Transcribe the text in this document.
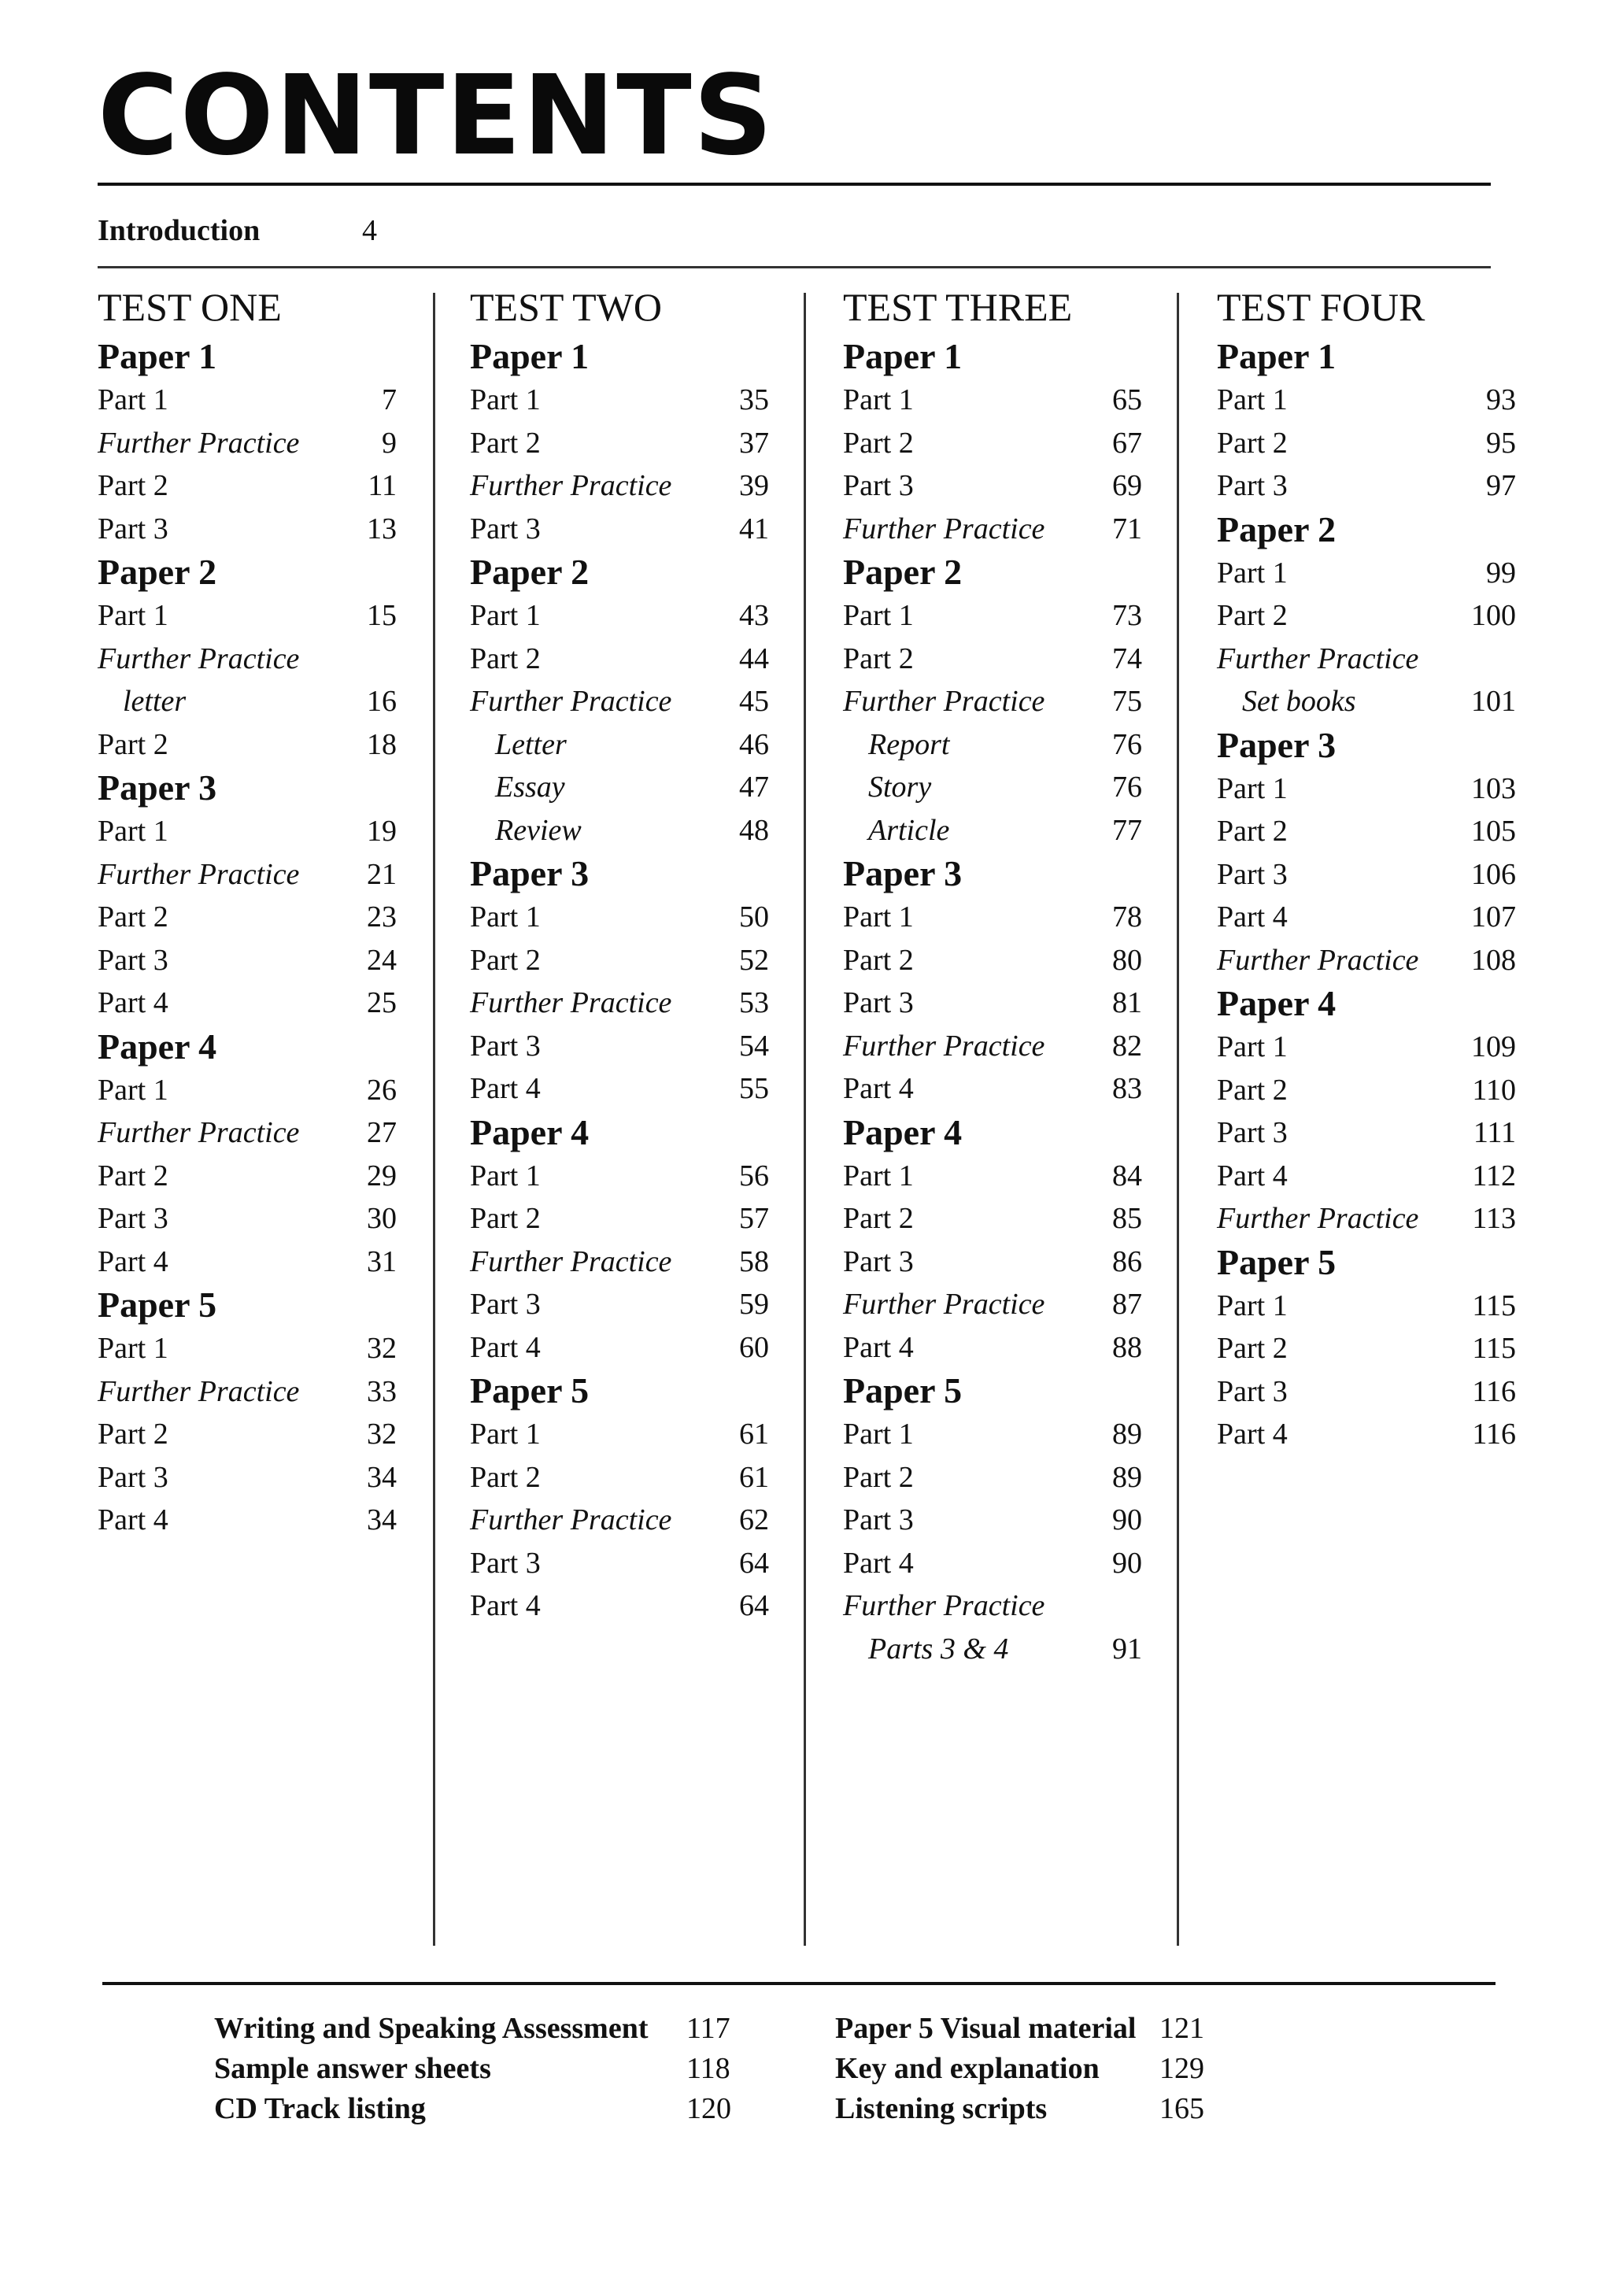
CONTENTS
Introduction	4
TEST ONE
Paper 1
Part 1	7
Further Practice	9
Part 2	11
Part 3	13
Paper 2
Part 1	15
Further Practice
letter	16
Part 2	18
Paper 3
Part 1	19
Further Practice 21
Part 2	23
Part 3	24
Part 4	25
Paper 4
Part 1	26
Further Practice 27
Part 2	29
Part 3	30
Part 4	31
Paper 5
Part 1	32
Further Practice 33
Part 2	32
Part 3	34
Part 4	34
TEST TWO
Paper 1
Part 1	35
Part 2	37
Further Practice 39
Part 3	41
Paper 2
Part 1	43
Part 2	44
Further Practice 45
Letter	46
Essay	47
Review	48
Paper 3
Part 1	50
Part 2	52
Further Practice 53
Part 3	54
Part 4	55
Paper 4
Part 1	56
Part 2	57
Further Practice 58
Part 3	59
Part 4	60
Paper 5
Part 1	61
Part 2	61
Further Practice 62
Part 3	64
Part 4	64
TEST THREE
Paper 1
Part 1	65
Part 2	67
Part 3	69
Further Practice 71
Paper 2
Part 1	73
Part 2	74
Further Practice 75
Report	76
Story	76
Article	77
Paper 3
Part 1	78
Part 2	80
Part 3	81
Further Practice 82
Part 4	83
Paper 4
Part 1	84
Part 2	85
Part 3	86
Further Practice 87
Part 4	88
Paper 5
Part 1	89
Part 2	89
Part 3	90
Part 4	90
Further Practice
Parts 3 & 4	91
TEST FOUR
Paper 1
Part 1	93
Part 2	95
Part 3	97
Paper 2
Part 1	99
Part 2	100
Further Practice
Set books	101
Paper 3
Part 1	103
Part 2	105
Part 3	106
Part 4	107
Further Practice 108
Paper 4
Part 1	109
Part 2	110
Part 3	111
Part 4	112
Further Practice 113
Paper 5
Part 1	115
Part 2	115
Part 3	116
Part 4	116
Writing and Speaking Assessment 117
Sample answer sheets	118
CD Track listing	120
Paper 5 Visual material 121
Key and explanation 129
Listening scripts	165
